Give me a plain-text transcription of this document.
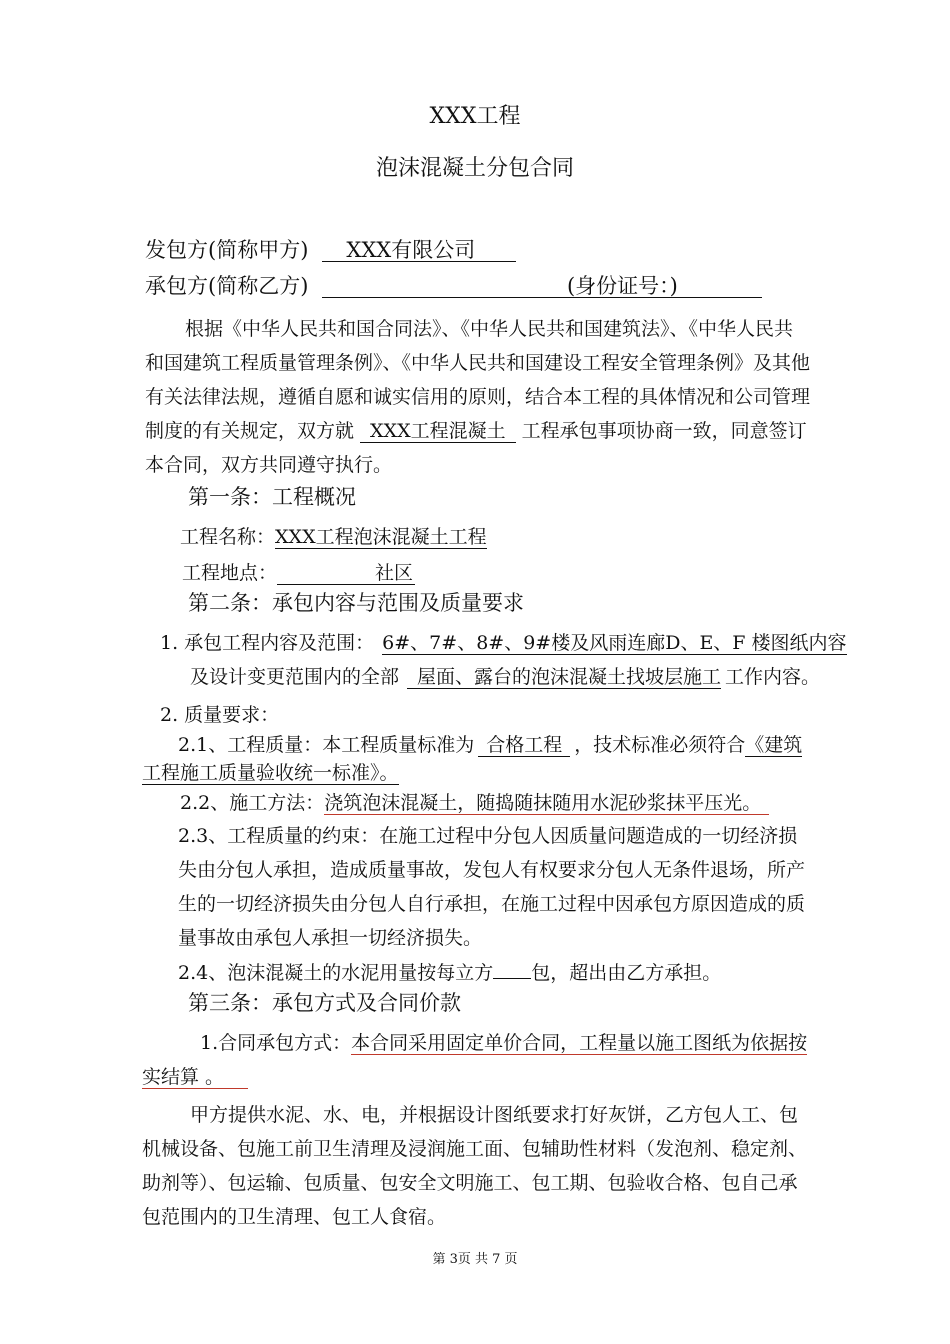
XXX工程
泡沫混凝土分包合同
发包方(简称甲方) XXX有限公司
承包方(简称乙方)	(身份证号：)
根据《中华人民共和国合同法》、《中华人民共和国建筑法》、《中华人民共
和国建筑工程质量管理条例》、《中华人民共和国建设工程安全管理条例》及其他
有关法律法规，遵循自愿和诚实信用的原则，结合本工程的具体情况和公司管理
制度的有关规定，双方就 XXX工程混凝土 工程承包事项协商一致，同意签订
本合同，双方共同遵守执行。
第一条：工程概况
工程名称：XXX工程泡沫混凝土工程
工程地点：	社区
第二条：承包内容与范围及质量要求
1. 承包工程内容及范围： 6#、7#、8#、9#楼及风雨连廊D、E、F 楼图纸内容
及设计变更范围内的全部 屋面、露台的泡沫混凝土找坡层施工 工作内容。
2. 质量要求：
2.1、工程质量：本工程质量标准为 合格工程 ，技术标准必须符合《建筑
工程施工质量验收统一标准》。
2.2、施工方法：浇筑泡沫混凝土，随捣随抹随用水泥砂浆抹平压光。
2.3、工程质量的约束：在施工过程中分包人因质量问题造成的一切经济损
失由分包人承担，造成质量事故，发包人有权要求分包人无条件退场，所产
生的一切经济损失由分包人自行承担，在施工过程中因承包方原因造成的质
量事故由承包人承担一切经济损失。
2.4、泡沫混凝土的水泥用量按每立方 包，超出由乙方承担。
第三条：承包方式及合同价款
1.合同承包方式：本合同采用固定单价合同，工程量以施工图纸为依据按
实结算 。
甲方提供水泥、水、电，并根据设计图纸要求打好灰饼，乙方包人工、包
机械设备、包施工前卫生清理及浸润施工面、包辅助性材料（发泡剂、稳定剂、
助剂等）、包运输、包质量、包安全文明施工、包工期、包验收合格、包自己承
包范围内的卫生清理、包工人食宿。
第 3页 共 7 页
